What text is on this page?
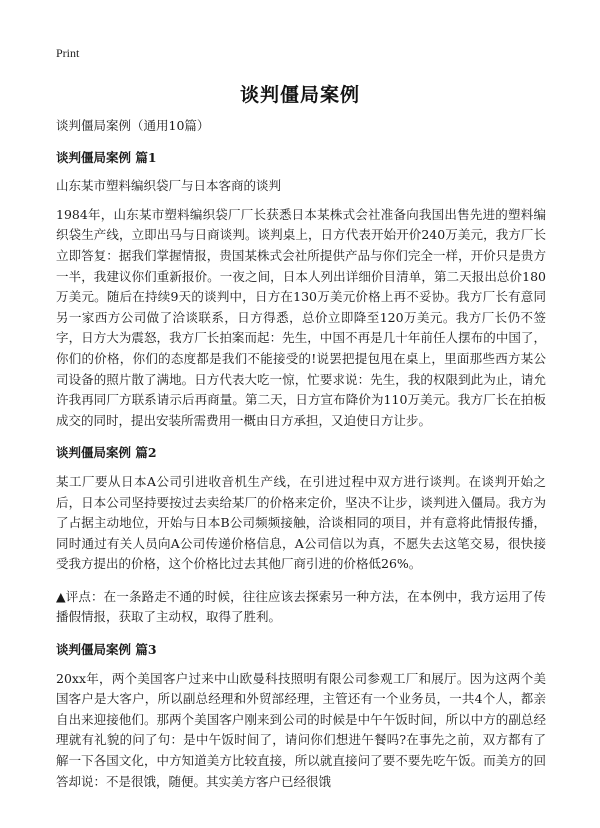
Print
谈判僵局案例
谈判僵局案例（通用10篇）
谈判僵局案例 篇1
山东某市塑料编织袋厂与日本客商的谈判

1984年，山东某市塑料编织袋厂厂长获悉日本某株式会社准备向我国出售先进的塑料编织袋生产线，立即出马与日商谈判。谈判桌上，日方代表开始开价240万美元，我方厂长立即答复：据我们掌握情报，贵国某株式会社所提供产品与你们完全一样，开价只是贵方一半，我建议你们重新报价。一夜之间，日本人列出详细价目清单，第二天报出总价180万美元。随后在持续9天的谈判中，日方在130万美元价格上再不妥协。我方厂长有意同另一家西方公司做了洽谈联系，日方得悉，总价立即降至120万美元。我方厂长仍不签字，日方大为震怒，我方厂长拍案而起：先生，中国不再是几十年前任人摆布的中国了，你们的价格，你们的态度都是我们不能接受的!说罢把提包甩在桌上，里面那些西方某公司设备的照片散了满地。日方代表大吃一惊，忙要求说：先生，我的权限到此为止，请允许我再同厂方联系请示后再商量。第二天，日方宣布降价为110万美元。我方厂长在拍板成交的同时，提出安装所需费用一概由日方承担，又迫使日方让步。

谈判僵局案例 篇2

某工厂要从日本A公司引进收音机生产线，在引进过程中双方进行谈判。在谈判开始之后，日本公司坚持要按过去卖给某厂的价格来定价，坚决不让步，谈判进入僵局。我方为了占据主动地位，开始与日本B公司频频接触，洽谈相同的项目，并有意将此情报传播，同时通过有关人员向A公司传递价格信息，A公司信以为真，不愿失去这笔交易，很快接受我方提出的价格，这个价格比过去其他厂商引进的价格低26%。

▲评点：在一条路走不通的时候，往往应该去探索另一种方法，在本例中，我方运用了传播假情报，获取了主动权，取得了胜利。

谈判僵局案例 篇3

20xx年，两个美国客户过来中山欧曼科技照明有限公司参观工厂和展厅。因为这两个美国客户是大客户，所以副总经理和外贸部经理，主管还有一个业务员，一共4个人，都亲自出来迎接他们。那两个美国客户刚来到公司的时候是中午午饭时间，所以中方的副总经理就有礼貌的问了句：是中午饭时间了，请问你们想进午餐吗?在事先之前，双方都有了解一下各国文化，中方知道美方比较直接，所以就直接问了要不要先吃午饭。而美方的回答却说：不是很饿，随便。其实美方客户已经很饿
